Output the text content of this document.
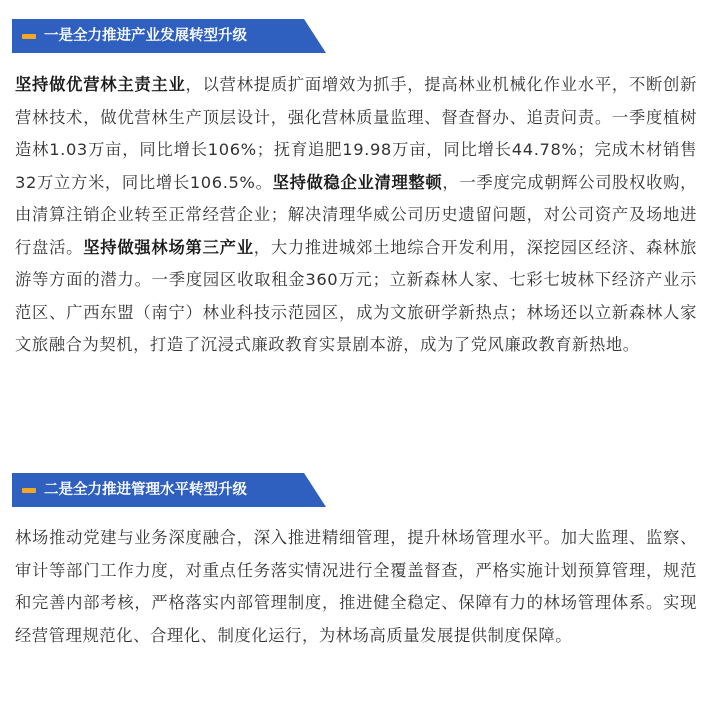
一是全力推进产业发展转型升级

坚持做优营林主责主业，以营林提质扩面增效为抓手，提高林业机械化作业水平，不断创新营林技术，做优营林生产顶层设计，强化营林质量监理、督查督办、追责问责。一季度植树造林1.03万亩，同比增长106%；抚育追肥19.98万亩，同比增长44.78%；完成木材销售32万立方米，同比增长106.5%。坚持做稳企业清理整顿，一季度完成朝辉公司股权收购，由清算注销企业转至正常经营企业；解决清理华威公司历史遗留问题，对公司资产及场地进行盘活。坚持做强林场第三产业，大力推进城郊土地综合开发利用，深挖园区经济、森林旅游等方面的潜力。一季度园区收取租金360万元；立新森林人家、七彩七坡林下经济产业示范区、广西东盟（南宁）林业科技示范园区，成为文旅研学新热点；林场还以立新森林人家文旅融合为契机，打造了沉浸式廉政教育实景剧本游，成为了党风廉政教育新热地。

二是全力推进管理水平转型升级

林场推动党建与业务深度融合，深入推进精细管理，提升林场管理水平。加大监理、监察、审计等部门工作力度，对重点任务落实情况进行全覆盖督查，严格实施计划预算管理，规范和完善内部考核，严格落实内部管理制度，推进健全稳定、保障有力的林场管理体系。实现经营管理规范化、合理化、制度化运行，为林场高质量发展提供制度保障。
